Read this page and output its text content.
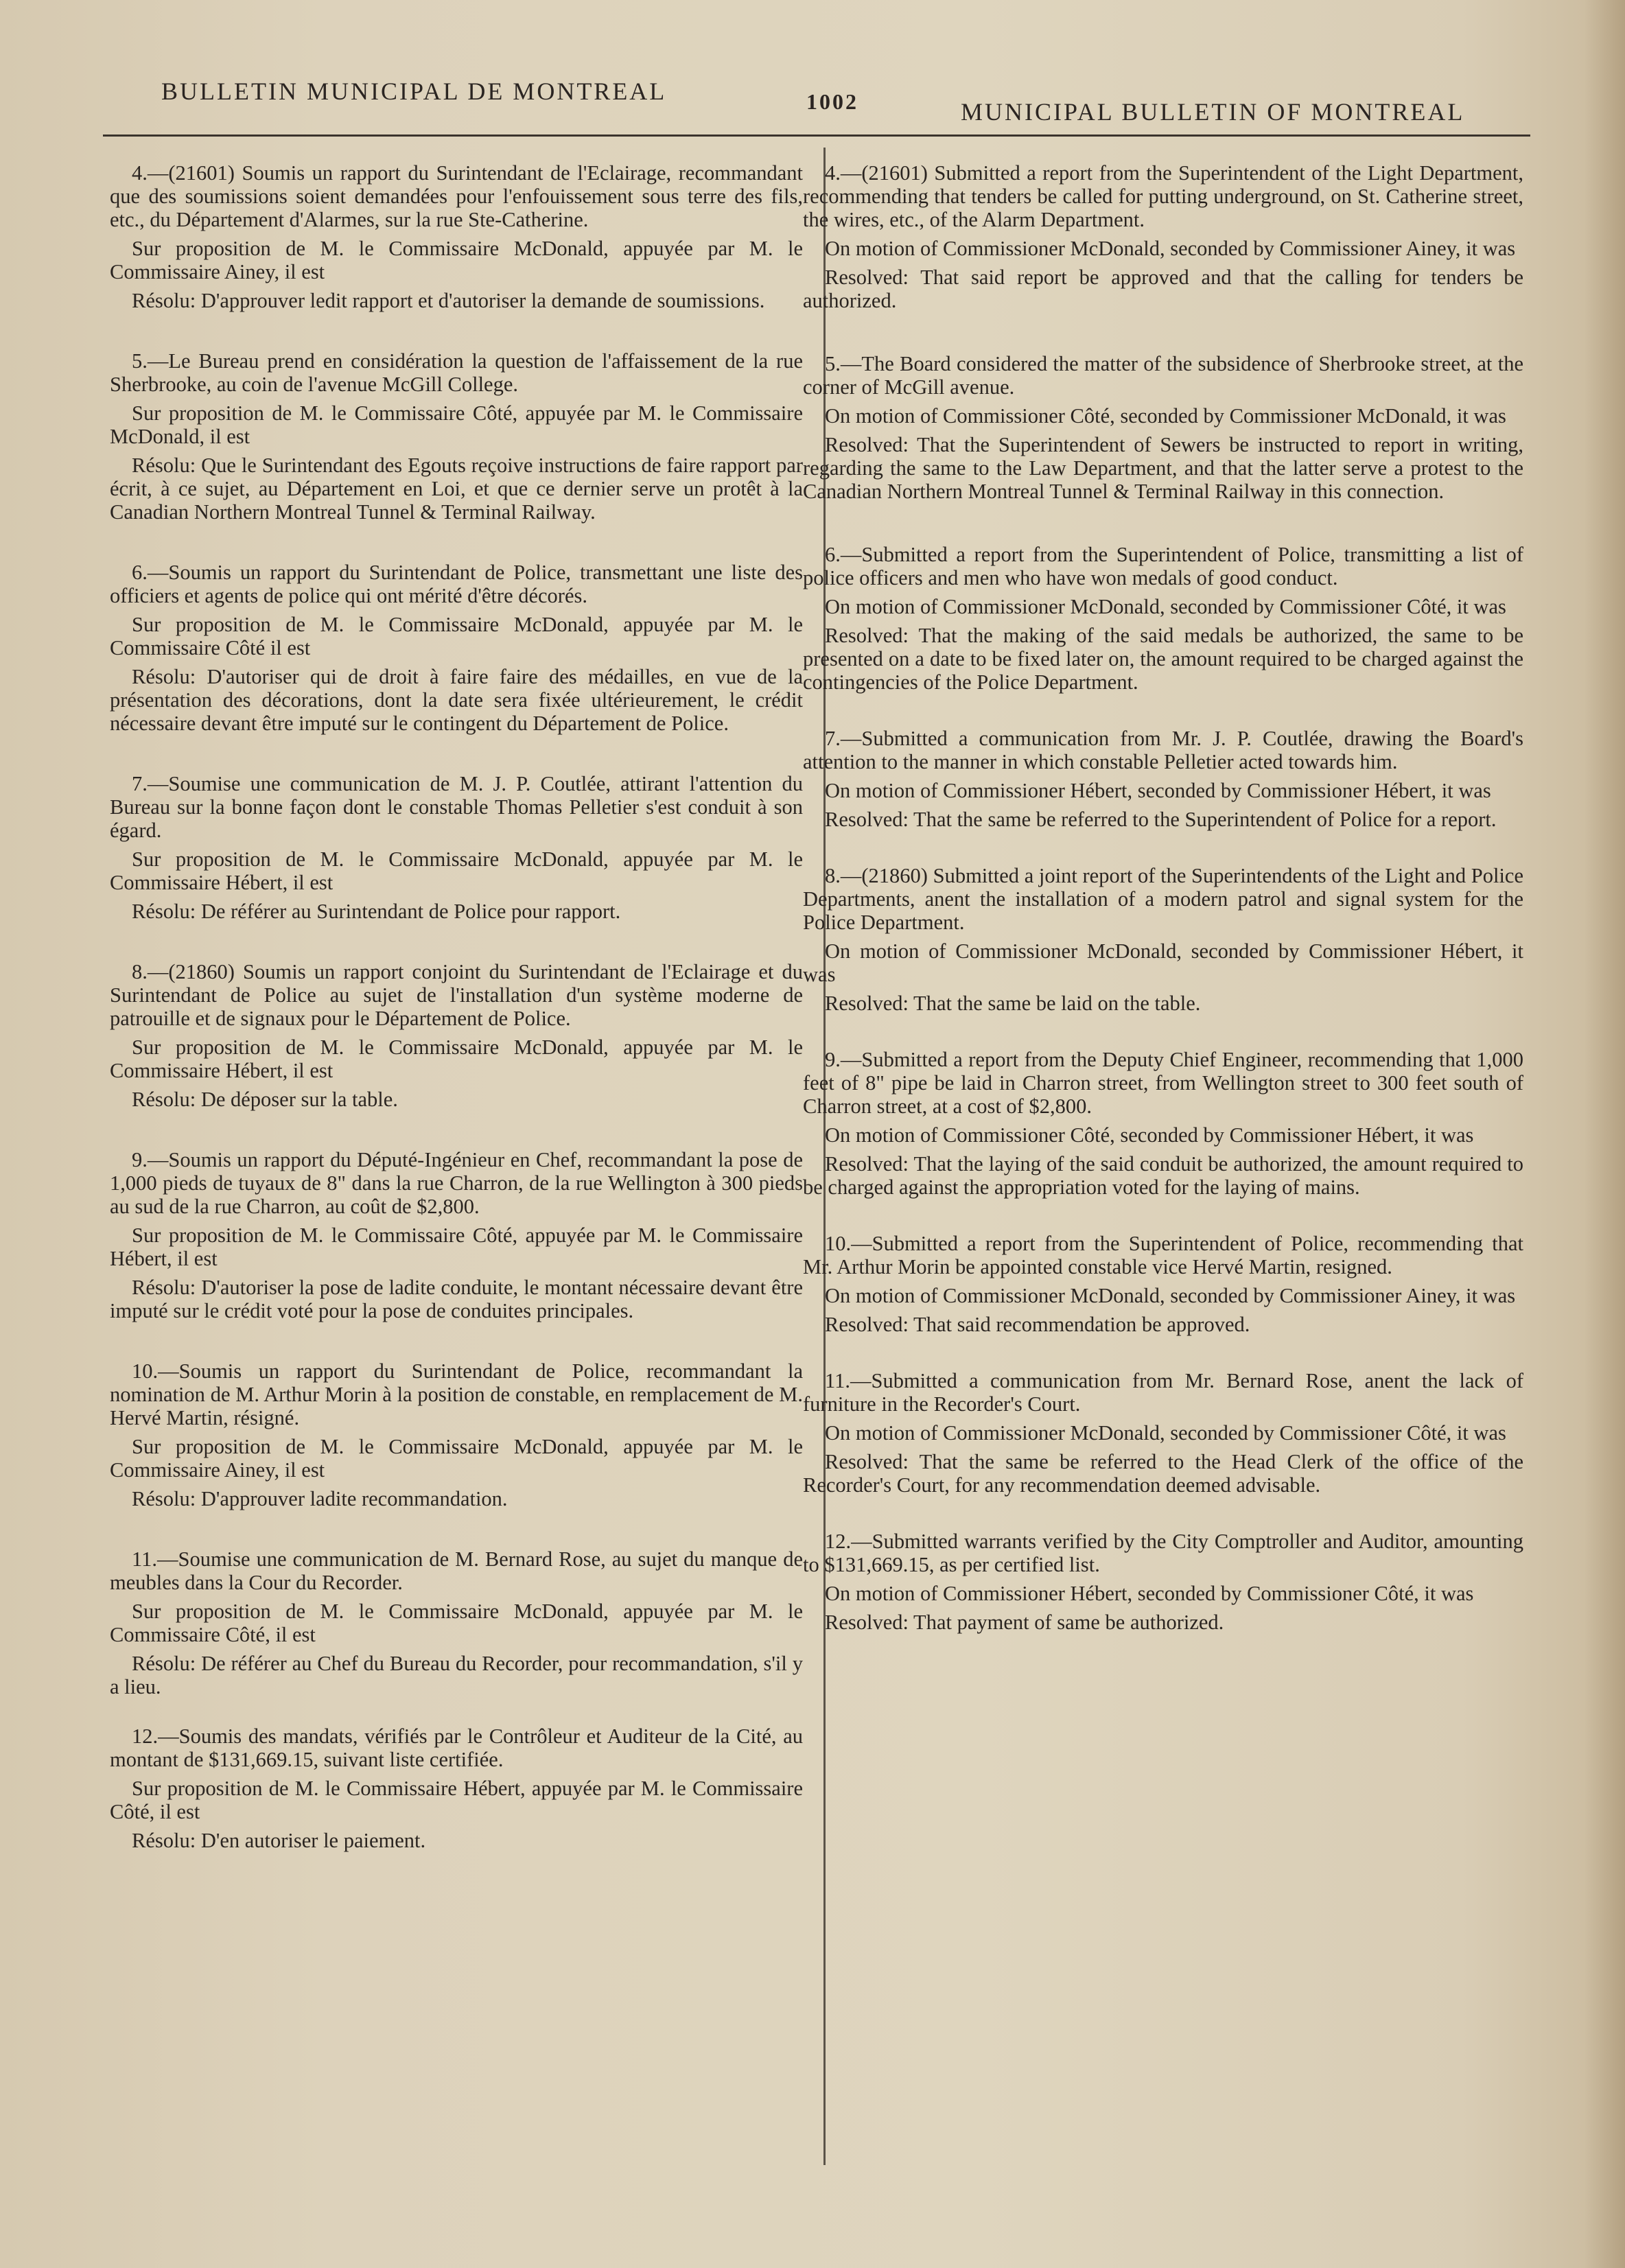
BULLETIN MUNICIPAL DE MONTREAL	1002	MUNICIPAL BULLETIN OF MONTREAL

4.—(21601) Soumis un rapport du Surintendant de l'Eclairage, recommandant que des soumissions soient demandées pour l'enfouissement sous terre des fils, etc., du Département d'Alarmes, sur la rue Ste-Catherine.

Sur proposition de M. le Commissaire McDonald, appuyée par M. le Commissaire Ainey, il est

Résolu: D'approuver ledit rapport et d'autoriser la demande de soumissions.

5.—Le Bureau prend en considération la question de l'affaissement de la rue Sherbrooke, au coin de l'avenue McGill College.

Sur proposition de M. le Commissaire Côté, appuyée par M. le Commissaire McDonald, il est

Résolu: Que le Surintendant des Egouts reçoive instructions de faire rapport par écrit, à ce sujet, au Département en Loi, et que ce dernier serve un protêt à la Canadian Northern Montreal Tunnel & Terminal Railway.

6.—Soumis un rapport du Surintendant de Police, transmettant une liste des officiers et agents de police qui ont mérité d'être décorés.

Sur proposition de M. le Commissaire McDonald, appuyée par M. le Commissaire Côté il est

Résolu: D'autoriser qui de droit à faire faire des médailles, en vue de la présentation des décorations, dont la date sera fixée ultérieurement, le crédit nécessaire devant être imputé sur le contingent du Département de Police.

7.—Soumise une communication de M. J. P. Coutlée, attirant l'attention du Bureau sur la bonne façon dont le constable Thomas Pelletier s'est conduit à son égard.

Sur proposition de M. le Commissaire McDonald, appuyée par M. le Commissaire Hébert, il est

Résolu: De référer au Surintendant de Police pour rapport.

8.—(21860) Soumis un rapport conjoint du Surintendant de l'Eclairage et du Surintendant de Police au sujet de l'installation d'un système moderne de patrouille et de signaux pour le Département de Police.

Sur proposition de M. le Commissaire McDonald, appuyée par M. le Commissaire Hébert, il est

Résolu: De déposer sur la table.

9.—Soumis un rapport du Député-Ingénieur en Chef, recommandant la pose de 1,000 pieds de tuyaux de 8" dans la rue Charron, de la rue Wellington à 300 pieds au sud de la rue Charron, au coût de $2,800.

Sur proposition de M. le Commissaire Côté, appuyée par M. le Commissaire Hébert, il est

Résolu: D'autoriser la pose de ladite conduite, le montant nécessaire devant être imputé sur le crédit voté pour la pose de conduites principales.

10.—Soumis un rapport du Surintendant de Police, recommandant la nomination de M. Arthur Morin à la position de constable, en remplacement de M. Hervé Martin, résigné.

Sur proposition de M. le Commissaire McDonald, appuyée par M. le Commissaire Ainey, il est

Résolu: D'approuver ladite recommandation.

11.—Soumise une communication de M. Bernard Rose, au sujet du manque de meubles dans la Cour du Recorder.

Sur proposition de M. le Commissaire McDonald, appuyée par M. le Commissaire Côté, il est

Résolu: De référer au Chef du Bureau du Recorder, pour recommandation, s'il y a lieu.

12.—Soumis des mandats, vérifiés par le Contrôleur et Auditeur de la Cité, au montant de $131,669.15, suivant liste certifiée.

Sur proposition de M. le Commissaire Hébert, appuyée par M. le Commissaire Côté, il est

Résolu: D'en autoriser le paiement.

4.—(21601) Submitted a report from the Superintendent of the Light Department, recommending that tenders be called for putting underground, on St. Catherine street, the wires, etc., of the Alarm Department.

On motion of Commissioner McDonald, seconded by Commissioner Ainey, it was

Resolved: That said report be approved and that the calling for tenders be authorized.

5.—The Board considered the matter of the subsidence of Sherbrooke street, at the corner of McGill avenue.

On motion of Commissioner Côté, seconded by Commissioner McDonald, it was

Resolved: That the Superintendent of Sewers be instructed to report in writing, regarding the same to the Law Department, and that the latter serve a protest to the Canadian Northern Montreal Tunnel & Terminal Railway in this connection.

6.—Submitted a report from the Superintendent of Police, transmitting a list of police officers and men who have won medals of good conduct.

On motion of Commissioner McDonald, seconded by Commissioner Côté, it was

Resolved: That the making of the said medals be authorized, the same to be presented on a date to be fixed later on, the amount required to be charged against the contingencies of the Police Department.

7.—Submitted a communication from Mr. J. P. Coutlée, drawing the Board's attention to the manner in which constable Pelletier acted towards him.

On motion of Commissioner Hébert, seconded by Commissioner Hébert, it was

Resolved: That the same be referred to the Superintendent of Police for a report.

8.—(21860) Submitted a joint report of the Superintendents of the Light and Police Departments, anent the installation of a modern patrol and signal system for the Police Department.

On motion of Commissioner McDonald, seconded by Commissioner Hébert, it was

Resolved: That the same be laid on the table.

9.—Submitted a report from the Deputy Chief Engineer, recommending that 1,000 feet of 8" pipe be laid in Charron street, from Wellington street to 300 feet south of Charron street, at a cost of $2,800.

On motion of Commissioner Côté, seconded by Commissioner Hébert, it was

Resolved: That the laying of the said conduit be authorized, the amount required to be charged against the appropriation voted for the laying of mains.

10.—Submitted a report from the Superintendent of Police, recommending that Mr. Arthur Morin be appointed constable vice Hervé Martin, resigned.

On motion of Commissioner McDonald, seconded by Commissioner Ainey, it was

Resolved: That said recommendation be approved.

11.—Submitted a communication from Mr. Bernard Rose, anent the lack of furniture in the Recorder's Court.

On motion of Commissioner McDonald, seconded by Commissioner Côté, it was

Resolved: That the same be referred to the Head Clerk of the office of the Recorder's Court, for any recommendation deemed advisable.

12.—Submitted warrants verified by the City Comptroller and Auditor, amounting to $131,669.15, as per certified list.

On motion of Commissioner Hébert, seconded by Commissioner Côté, it was

Resolved: That payment of same be authorized.
